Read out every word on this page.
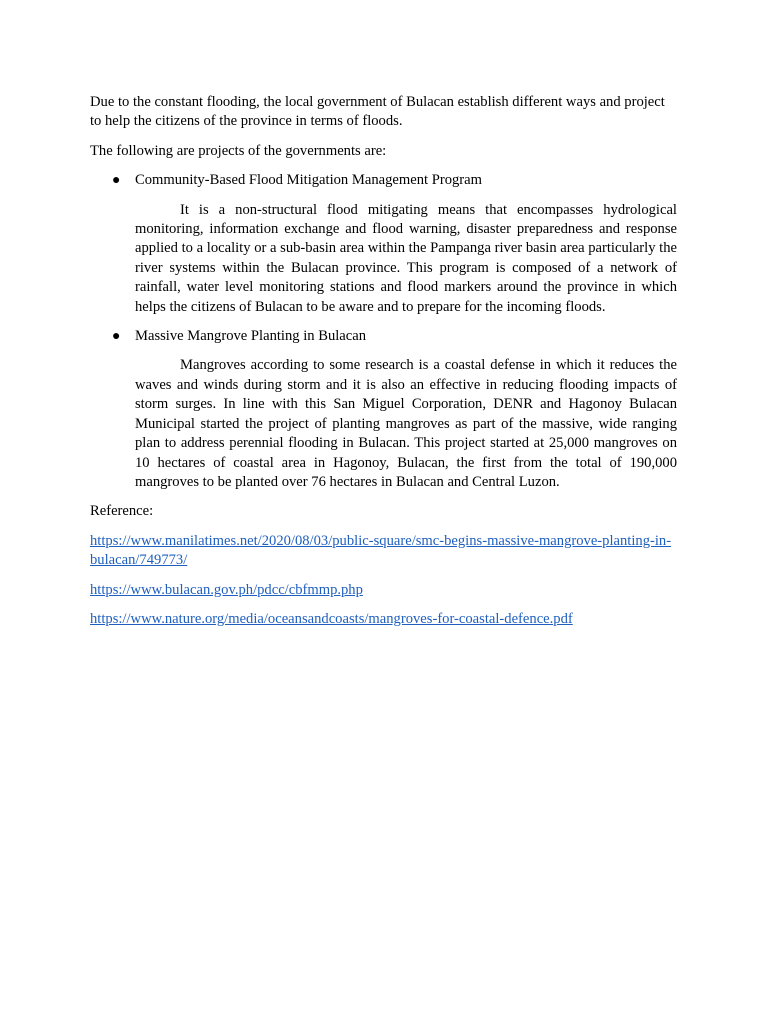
Due to the constant flooding, the local government of Bulacan establish different ways and project to help the citizens of the province in terms of floods.

The following are projects of the governments are:

● Community-Based Flood Mitigation Management Program

It is a non-structural flood mitigating means that encompasses hydrological monitoring, information exchange and flood warning, disaster preparedness and response applied to a locality or a sub-basin area within the Pampanga river basin area particularly the river systems within the Bulacan province. This program is composed of a network of rainfall, water level monitoring stations and flood markers around the province in which helps the citizens of Bulacan to be aware and to prepare for the incoming floods.

● Massive Mangrove Planting in Bulacan

Mangroves according to some research is a coastal defense in which it reduces the waves and winds during storm and it is also an effective in reducing flooding impacts of storm surges. In line with this San Miguel Corporation, DENR and Hagonoy Bulacan Municipal started the project of planting mangroves as part of the massive, wide ranging plan to address perennial flooding in Bulacan. This project started at 25,000 mangroves on 10 hectares of coastal area in Hagonoy, Bulacan, the first from the total of 190,000 mangroves to be planted over 76 hectares in Bulacan and Central Luzon.

Reference:

https://www.manilatimes.net/2020/08/03/public-square/smc-begins-massive-mangrove-planting-in-bulacan/749773/
https://www.bulacan.gov.ph/pdcc/cbfmmp.php
https://www.nature.org/media/oceansandcoasts/mangroves-for-coastal-defence.pdf
